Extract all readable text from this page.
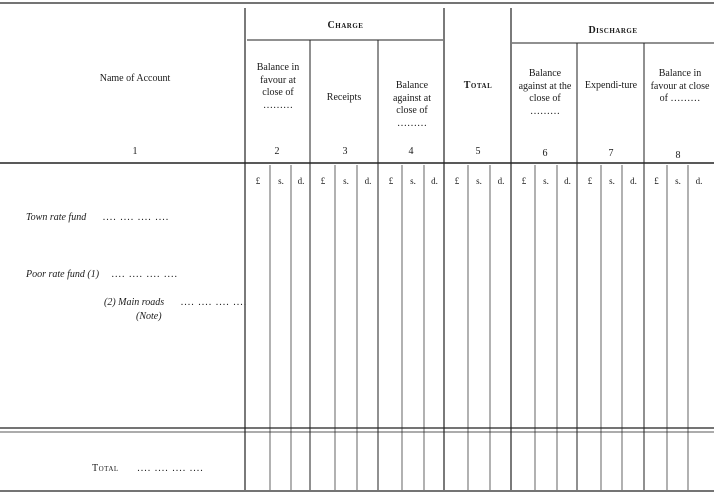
Name of Account
Charge	Discharge
Total
Balance in favour at close of ………
Receipts
Balance against at close of ………
Balance against at the close of ………
Expendi-ture
Balance in favour at close of ………
1	2	3	4	5	6	7	8
£	s.	d.	£	s.	d.	£	s.	d.	£	s.	d.	£	s.	d.	£	s.	d.	£	s.	d.
Town rate fund .... .... .... ....
Poor rate fund (1) .... .... .... ....
(2) Main roads .... .... .... ....
(Note)
Total .... .... .... ....
